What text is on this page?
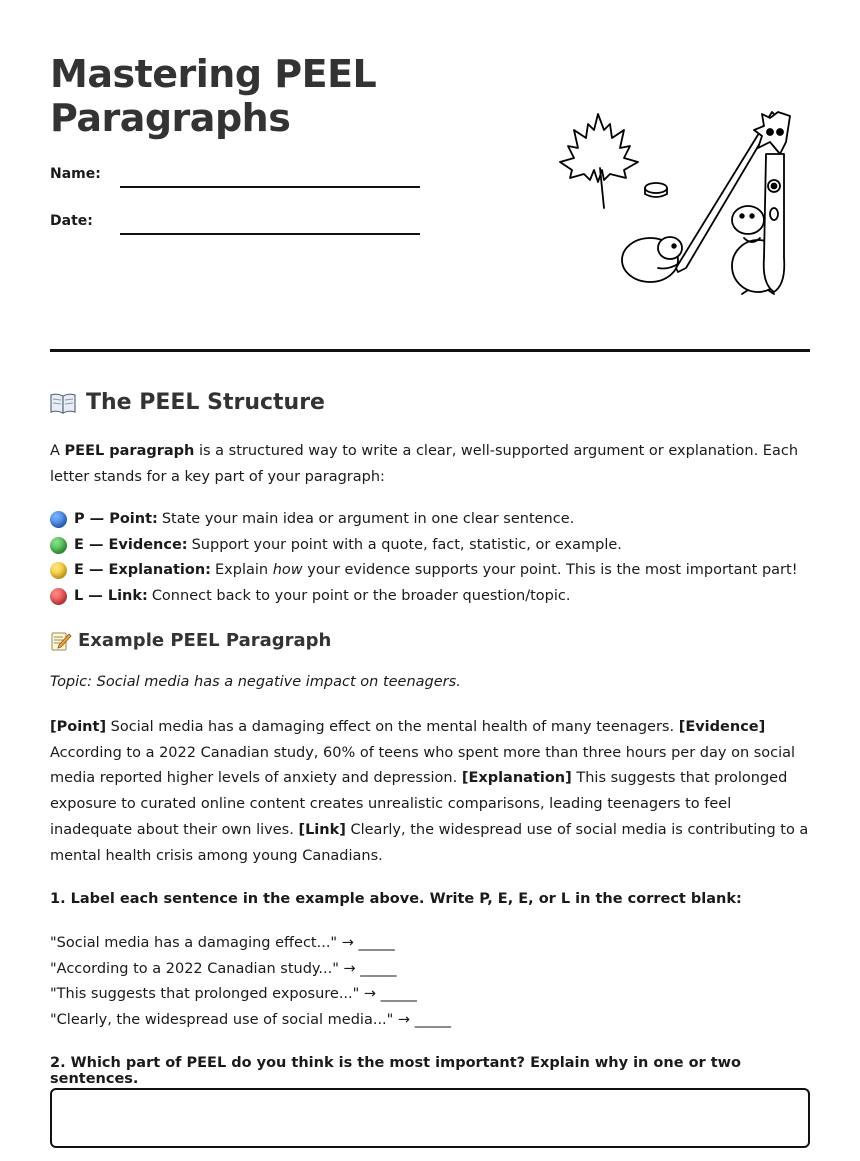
Mastering PEEL
Paragraphs
Name:
Date:
The PEEL Structure

A PEEL paragraph is a structured way to write a clear, well-supported argument or explanation. Each letter stands for a key part of your paragraph:

P — Point: State your main idea or argument in one clear sentence.
E — Evidence: Support your point with a quote, fact, statistic, or example.
E — Explanation: Explain how your evidence supports your point. This is the most important part!
L — Link: Connect back to your point or the broader question/topic.
Example PEEL Paragraph

Topic: Social media has a negative impact on teenagers.

[Point] Social media has a damaging effect on the mental health of many teenagers. [Evidence] According to a 2022 Canadian study, 60% of teens who spent more than three hours per day on social media reported higher levels of anxiety and depression. [Explanation] This suggests that prolonged exposure to curated online content creates unrealistic comparisons, leading teenagers to feel inadequate about their own lives. [Link] Clearly, the widespread use of social media is contributing to a mental health crisis among young Canadians.

1. Label each sentence in the example above. Write P, E, E, or L in the correct blank:

"Social media has a damaging effect..." → _____
"According to a 2022 Canadian study..." → _____
"This suggests that prolonged exposure..." → _____
"Clearly, the widespread use of social media..." → _____

2. Which part of PEEL do you think is the most important? Explain why in one or two sentences.
